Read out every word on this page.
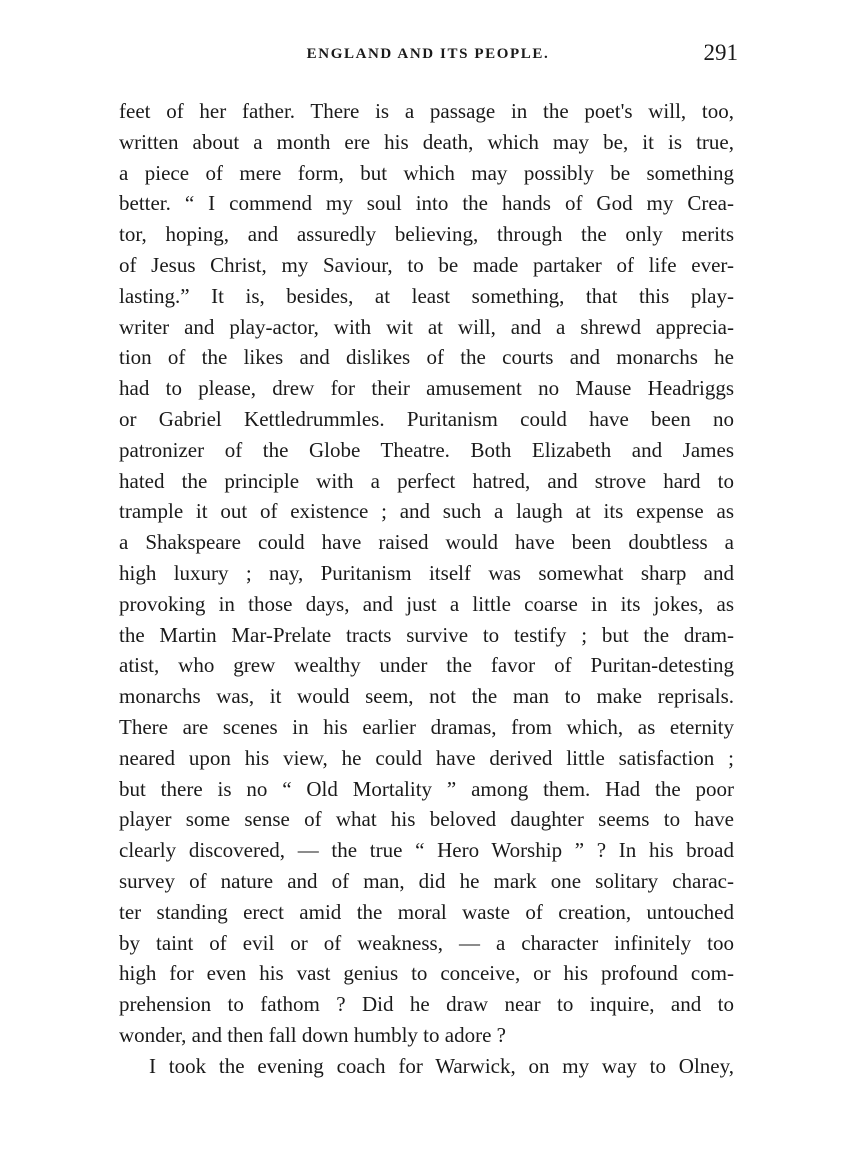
ENGLAND AND ITS PEOPLE.	291
feet of her father. There is a passage in the poet's will, too,
written about a month ere his death, which may be, it is true,
a piece of mere form, but which may possibly be something
better. “ I commend my soul into the hands of God my Crea-
tor, hoping, and assuredly believing, through the only merits
of Jesus Christ, my Saviour, to be made partaker of life ever-
lasting.” It is, besides, at least something, that this play-
writer and play-actor, with wit at will, and a shrewd apprecia-
tion of the likes and dislikes of the courts and monarchs he
had to please, drew for their amusement no Mause Headriggs
or Gabriel Kettledrummles. Puritanism could have been no
patronizer of the Globe Theatre. Both Elizabeth and James
hated the principle with a perfect hatred, and strove hard to
trample it out of existence ; and such a laugh at its expense as
a Shakspeare could have raised would have been doubtless a
high luxury ; nay, Puritanism itself was somewhat sharp and
provoking in those days, and just a little coarse in its jokes, as
the Martin Mar-Prelate tracts survive to testify ; but the dram-
atist, who grew wealthy under the favor of Puritan-detesting
monarchs was, it would seem, not the man to make reprisals.
There are scenes in his earlier dramas, from which, as eternity
neared upon his view, he could have derived little satisfaction ;
but there is no “ Old Mortality ” among them. Had the poor
player some sense of what his beloved daughter seems to have
clearly discovered, — the true “ Hero Worship ” ? In his broad
survey of nature and of man, did he mark one solitary charac-
ter standing erect amid the moral waste of creation, untouched
by taint of evil or of weakness, — a character infinitely too
high for even his vast genius to conceive, or his profound com-
prehension to fathom ? Did he draw near to inquire, and to
wonder, and then fall down humbly to adore ?
I took the evening coach for Warwick, on my way to Olney,
